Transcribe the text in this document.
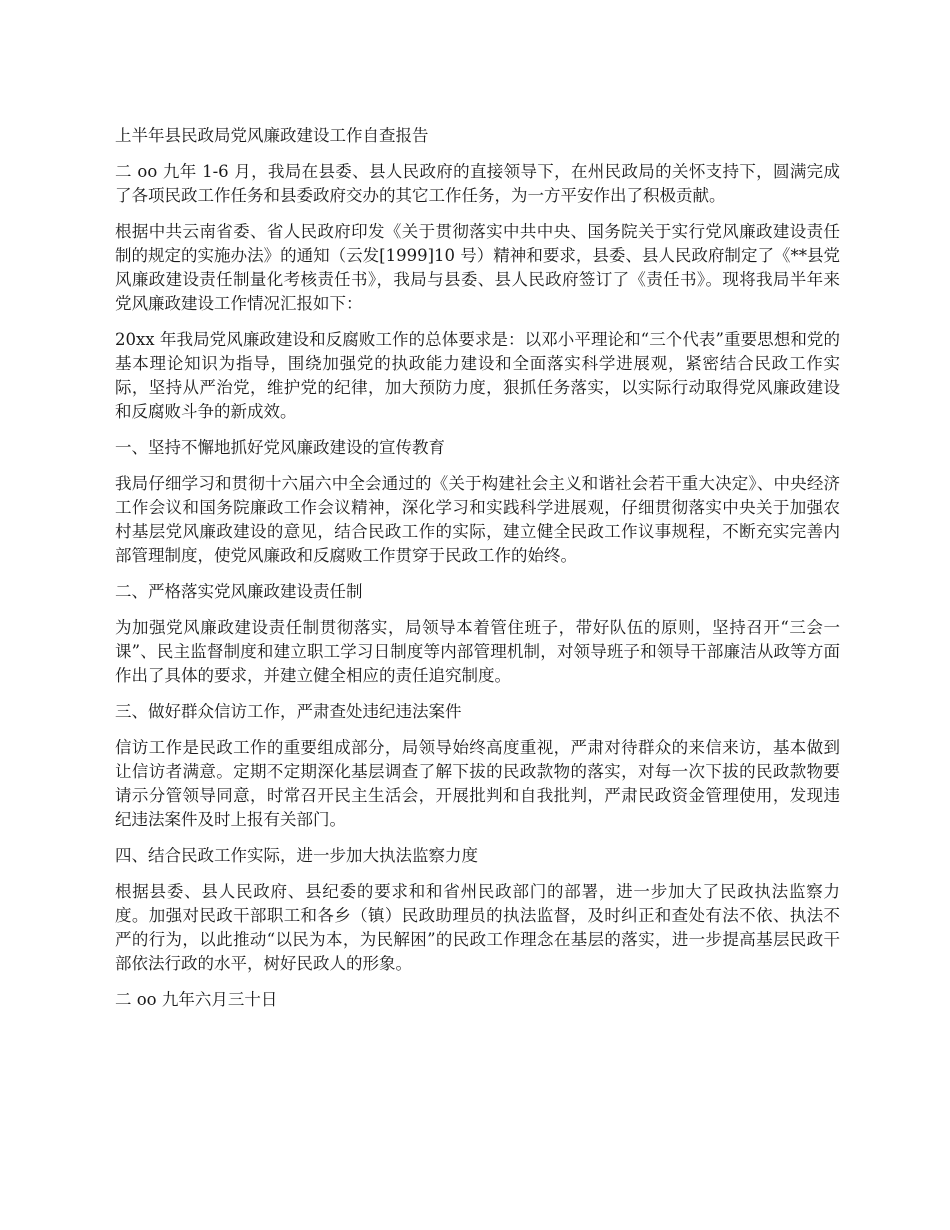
上半年县民政局党风廉政建设工作自查报告

二 oo 九年 1-6 月，我局在县委、县人民政府的直接领导下，在州民政局的关怀支持下，圆满完成了各项民政工作任务和县委政府交办的其它工作任务，为一方平安作出了积极贡献。

根据中共云南省委、省人民政府印发《关于贯彻落实中共中央、国务院关于实行党风廉政建设责任制的规定的实施办法》的通知（云发[1999]10 号）精神和要求，县委、县人民政府制定了《**县党风廉政建设责任制量化考核责任书》，我局与县委、县人民政府签订了《责任书》。现将我局半年来党风廉政建设工作情况汇报如下：

20xx 年我局党风廉政建设和反腐败工作的总体要求是：以邓小平理论和“三个代表”重要思想和党的基本理论知识为指导，围绕加强党的执政能力建设和全面落实科学进展观，紧密结合民政工作实际，坚持从严治党，维护党的纪律，加大预防力度，狠抓任务落实，以实际行动取得党风廉政建设和反腐败斗争的新成效。

一、坚持不懈地抓好党风廉政建设的宣传教育

我局仔细学习和贯彻十六届六中全会通过的《关于构建社会主义和谐社会若干重大决定》、中央经济工作会议和国务院廉政工作会议精神，深化学习和实践科学进展观，仔细贯彻落实中央关于加强农村基层党风廉政建设的意见，结合民政工作的实际，建立健全民政工作议事规程，不断充实完善内部管理制度，使党风廉政和反腐败工作贯穿于民政工作的始终。

二、严格落实党风廉政建设责任制

为加强党风廉政建设责任制贯彻落实，局领导本着管住班子，带好队伍的原则，坚持召开“三会一课”、民主监督制度和建立职工学习日制度等内部管理机制，对领导班子和领导干部廉洁从政等方面作出了具体的要求，并建立健全相应的责任追究制度。

三、做好群众信访工作，严肃查处违纪违法案件

信访工作是民政工作的重要组成部分，局领导始终高度重视，严肃对待群众的来信来访，基本做到让信访者满意。定期不定期深化基层调查了解下拔的民政款物的落实，对每一次下拔的民政款物要请示分管领导同意，时常召开民主生活会，开展批判和自我批判，严肃民政资金管理使用，发现违纪违法案件及时上报有关部门。

四、结合民政工作实际，进一步加大执法监察力度

根据县委、县人民政府、县纪委的要求和和省州民政部门的部署，进一步加大了民政执法监察力度。加强对民政干部职工和各乡（镇）民政助理员的执法监督，及时纠正和查处有法不依、执法不严的行为，以此推动“以民为本，为民解困”的民政工作理念在基层的落实，进一步提高基层民政干部依法行政的水平，树好民政人的形象。

二 oo 九年六月三十日
